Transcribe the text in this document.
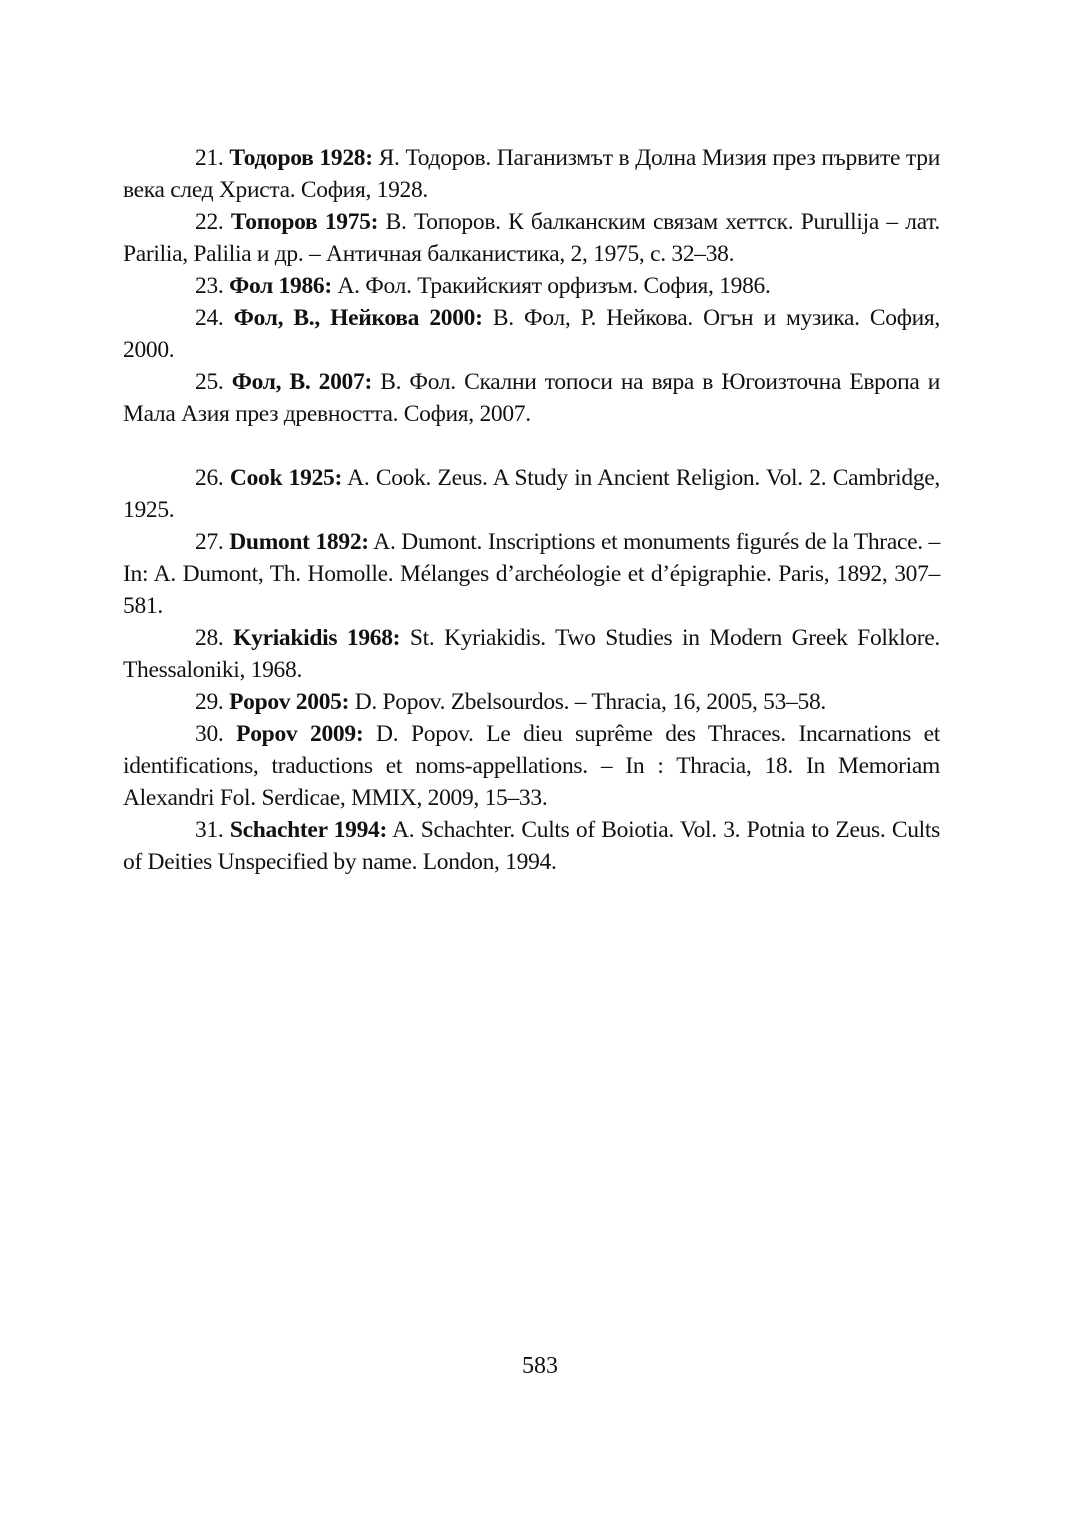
21. Тодоров 1928: Я. Тодоров. Паганизмът в Долна Мизия през първите три века след Христа. София, 1928.

22. Топоров 1975: В. Топоров. К балканским связам хеттск. Purullija – лат. Parilia, Palilia и др. – Античная балканистика, 2, 1975, с. 32–38.

23. Фол 1986: А. Фол. Тракийският орфизъм. София, 1986.

24. Фол, В., Нейкова 2000: В. Фол, Р. Нейкова. Огън и музика. София, 2000.

25. Фол, В. 2007: В. Фол. Скални топоси на вяра в Югоизточна Европа и Мала Азия през древността. София, 2007.

26. Cook 1925: A. Cook. Zeus. A Study in Ancient Religion. Vol. 2. Cambridge, 1925.

27. Dumont 1892: A. Dumont. Inscriptions et monuments figurés de la Thrace. – In: A. Dumont, Th. Homolle. Mélanges d’archéologie et d’épigraphie. Paris, 1892, 307–581.

28. Kyriakidis 1968: St. Kyriakidis. Two Studies in Modern Greek Folklore. Thessaloniki, 1968.

29. Popov 2005: D. Popov. Zbelsourdos. – Thracia, 16, 2005, 53–58.

30. Popov 2009: D. Popov. Le dieu suprême des Thraces. Incarnations et identifications, traductions et noms-appellations. – In : Thracia, 18. In Memoriam Alexandri Fol. Serdicae, MMIX, 2009, 15–33.

31. Schachter 1994: A. Schachter. Cults of Boiotia. Vol. 3. Potnia to Zeus. Cults of Deities Unspecified by name. London, 1994.

583
